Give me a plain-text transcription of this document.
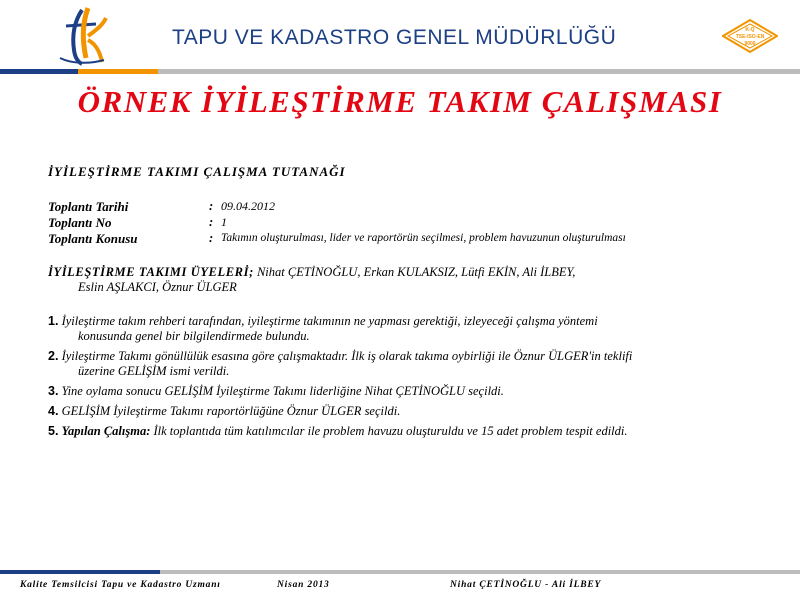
TAPU VE KADASTRO GENEL MÜDÜRLÜĞÜ	K-Q
TSE-ISO-EN
9000
ÖRNEK İYİLEŞTİRME TAKIM ÇALIŞMASI
İYİLEŞTİRME TAKIMI ÇALIŞMA TUTANAĞI
Toplantı Tarihi	: 09.04.2012
Toplantı No	: 1
Toplantı Konusu	: Takımın oluşturulması, lider ve raportörün seçilmesi, problem havuzunun oluşturulması
İYİLEŞTİRME TAKIMI ÜYELERİ; Nihat ÇETİNOĞLU, Erkan KULAKSIZ, Lütfi EKİN, Ali İLBEY,
Eslin AŞLAKCI, Öznur ÜLGER
1. İyileştirme takım rehberi tarafından, iyileştirme takımının ne yapması gerektiği, izleyeceği çalışma yöntemi
konusunda genel bir bilgilendirmede bulundu.
2. İyileştirme Takımı gönüllülük esasına göre çalışmaktadır. İlk iş olarak takıma oybirliği ile Öznur ÜLGER'in teklifi
üzerine GELİŞİM ismi verildi.
3. Yine oylama sonucu GELİŞİM İyileştirme Takımı liderliğine Nihat ÇETİNOĞLU seçildi.
4. GELİŞİM İyileştirme Takımı raportörlüğüne Öznur ÜLGER seçildi.
5. Yapılan Çalışma: İlk toplantıda tüm katılımcılar ile problem havuzu oluşturuldu ve 15 adet problem tespit edildi.
Kalite Temsilcisi Tapu ve Kadastro Uzmanı	Nisan 2013	Nihat ÇETİNOĞLU - Ali İLBEY
